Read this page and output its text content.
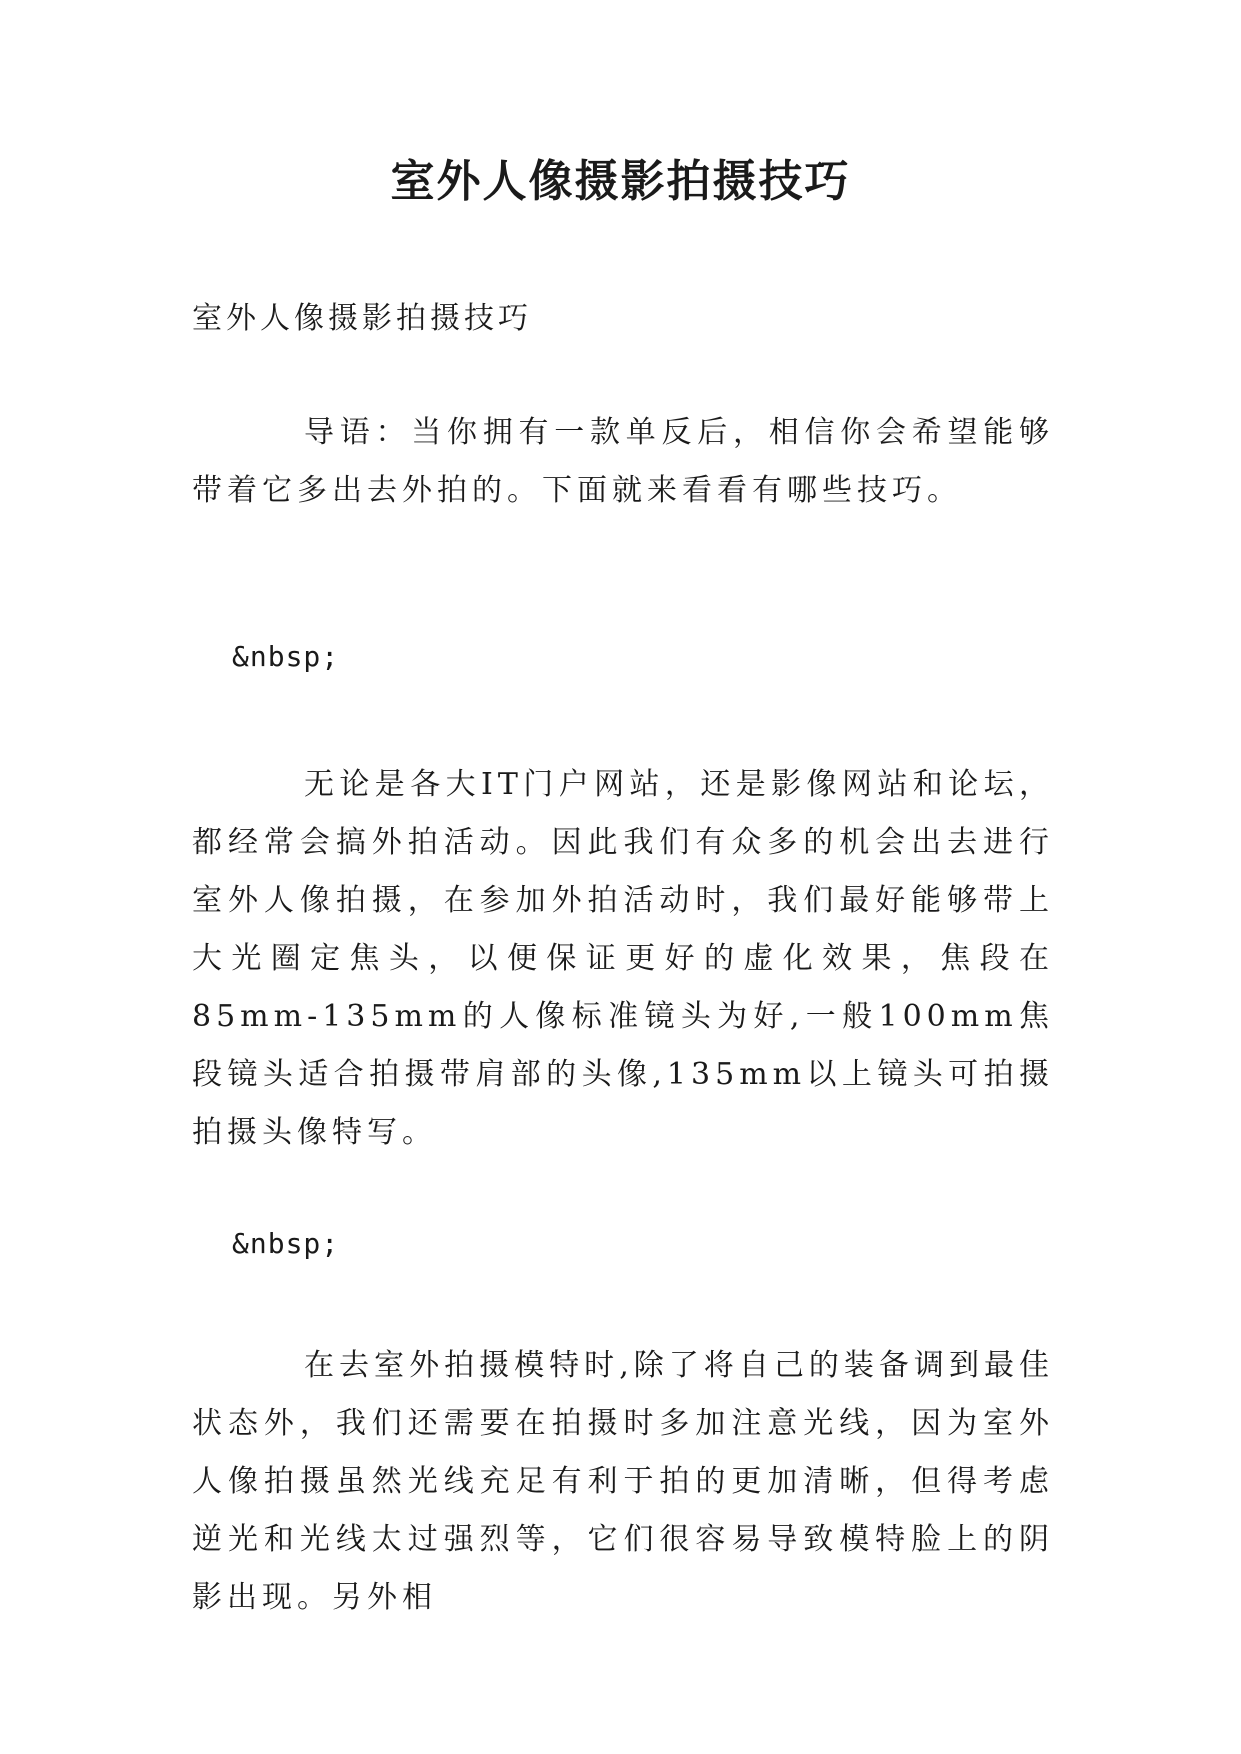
室外人像摄影拍摄技巧

室外人像摄影拍摄技巧

导语：当你拥有一款单反后，相信你会希望能够带着它多出去外拍的。下面就来看看有哪些技巧。

&nbsp;

无论是各大IT门户网站，还是影像网站和论坛，都经常会搞外拍活动。因此我们有众多的机会出去进行室外人像拍摄，在参加外拍活动时，我们最好能够带上大光圈定焦头，以便保证更好的虚化效果，焦段在85mm-135mm的人像标准镜头为好,一般100mm焦段镜头适合拍摄带肩部的头像,135mm以上镜头可拍摄拍摄头像特写。

&nbsp;

在去室外拍摄模特时,除了将自己的装备调到最佳状态外，我们还需要在拍摄时多加注意光线，因为室外人像拍摄虽然光线充足有利于拍的更加清晰，但得考虑逆光和光线太过强烈等，它们很容易导致模特脸上的阴影出现。另外相
